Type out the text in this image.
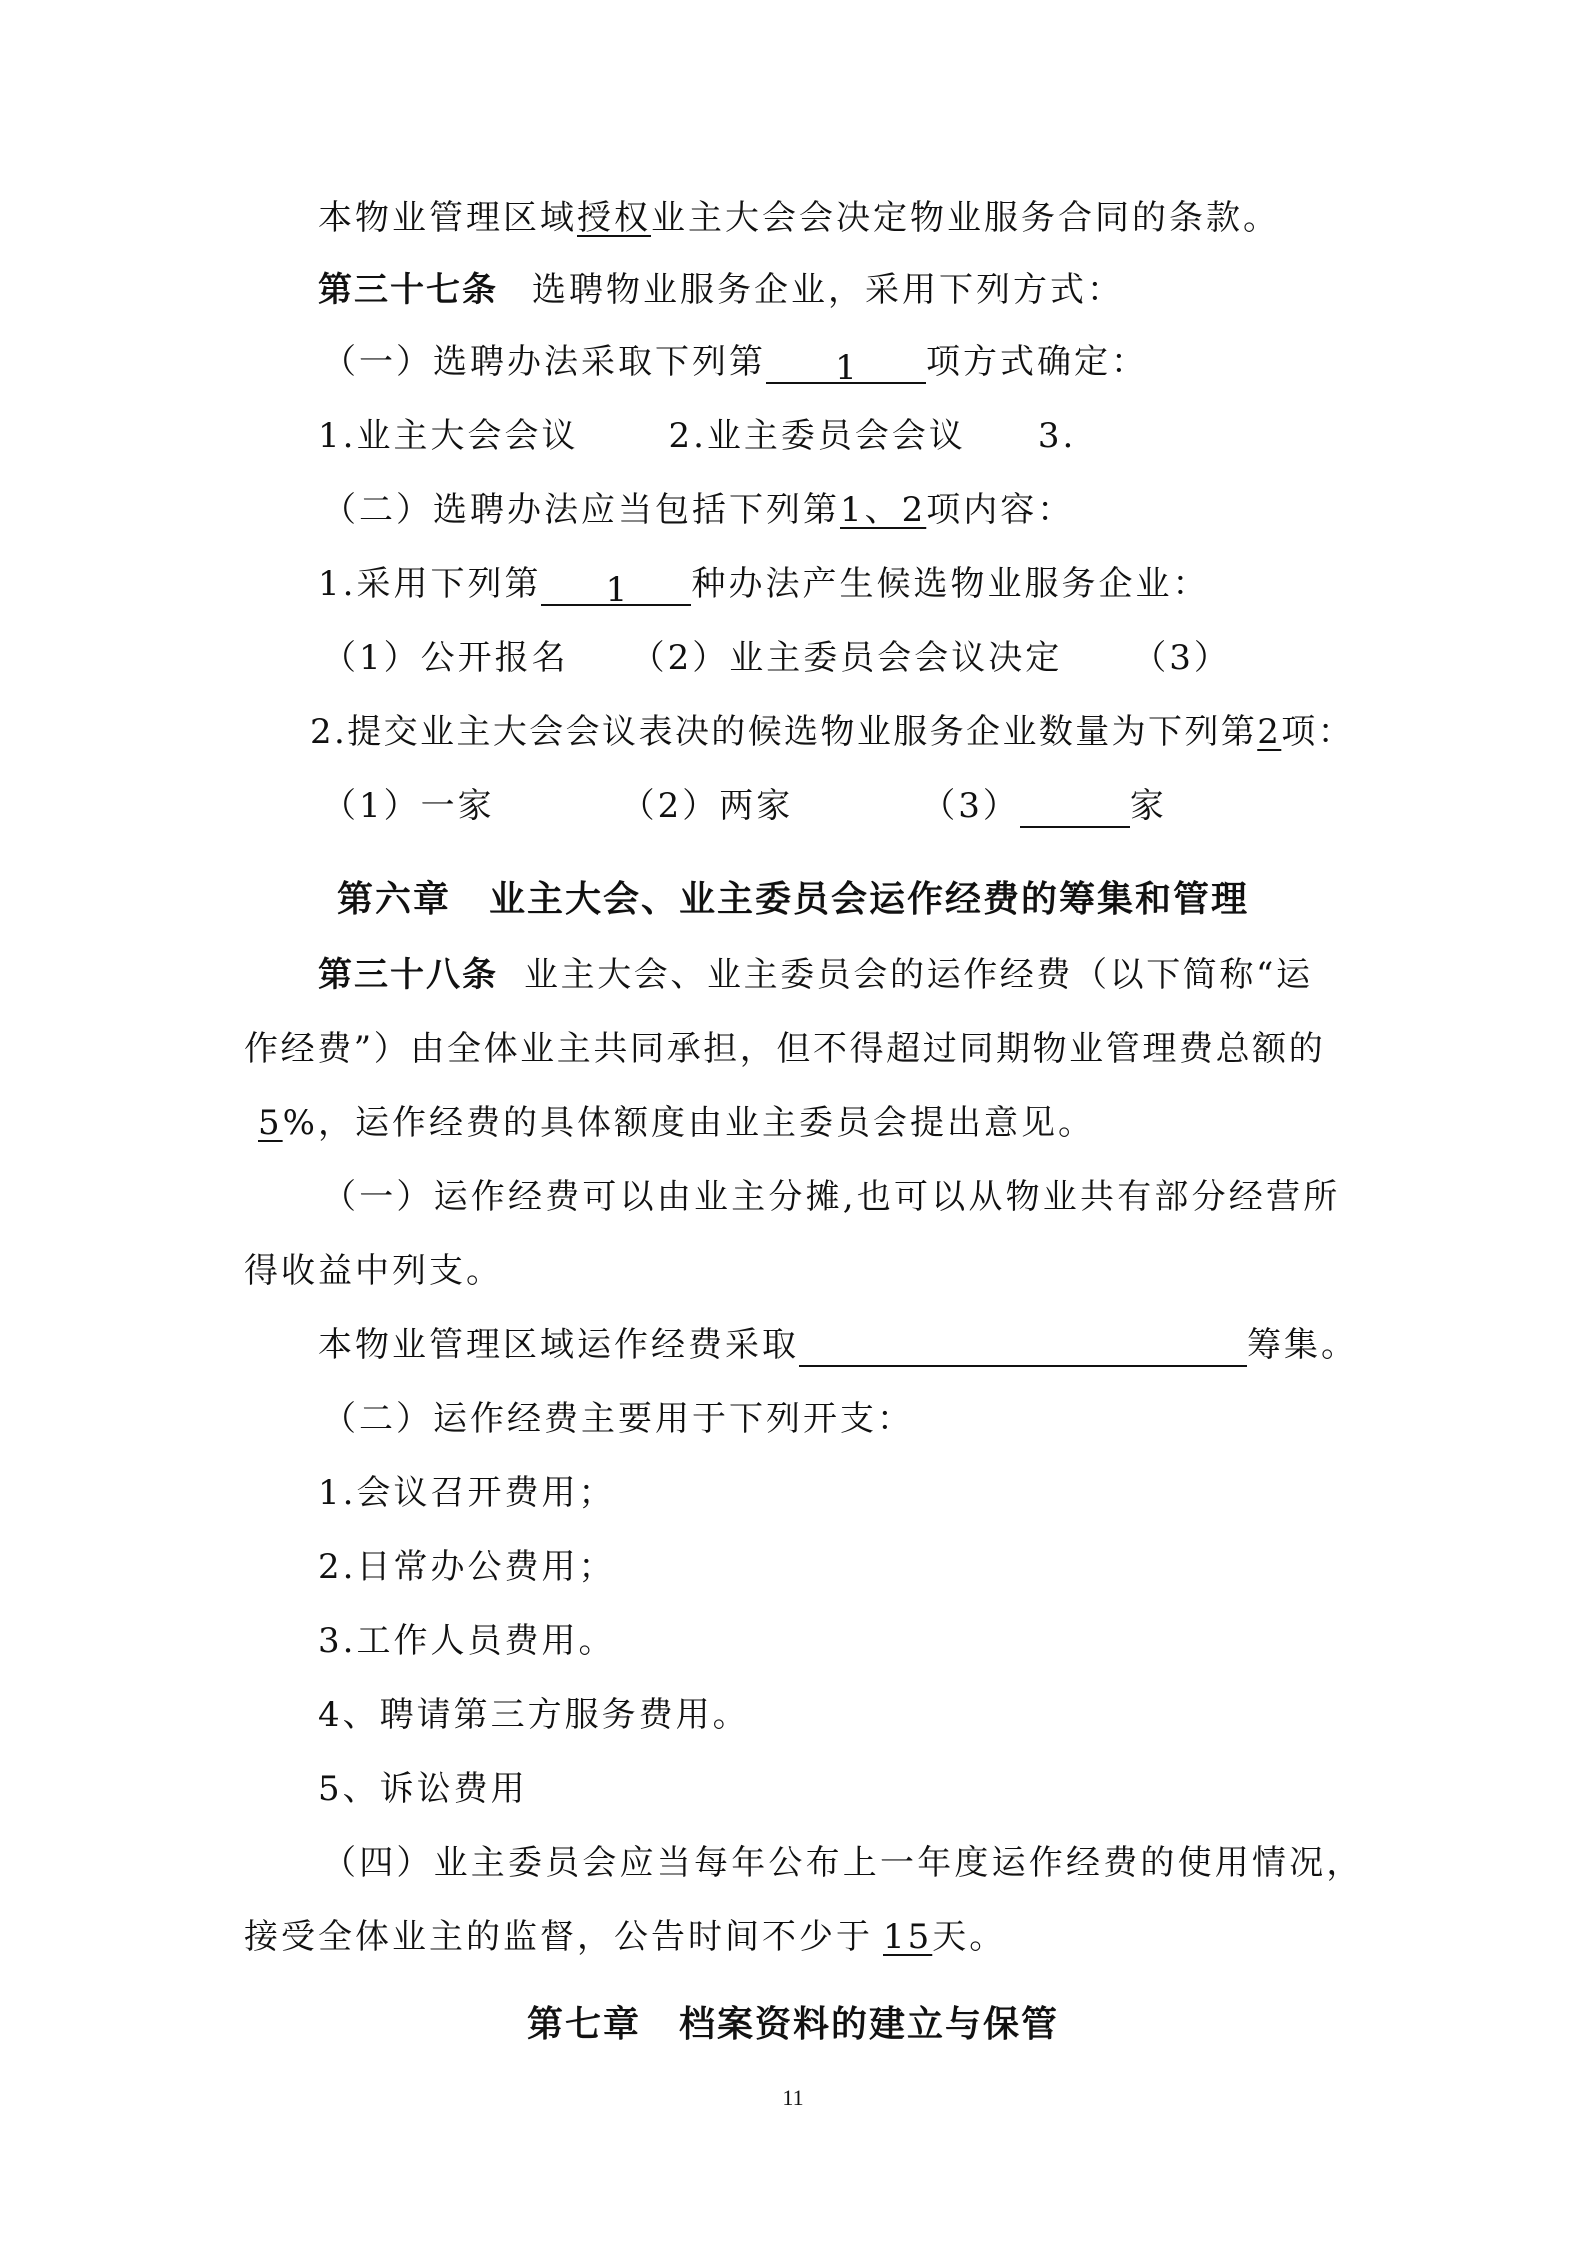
本物业管理区域授权业主大会会决定物业服务合同的条款。
第三十七条 选聘物业服务企业，采用下列方式：
（一）选聘办法采取下列第 1 项方式确定：
1.业主大会会议	2.业主委员会会议 3.
（二）选聘办法应当包括下列第1、2项内容：
1.采用下列第 1 种办法产生候选物业服务企业：
（1）公开报名 （2）业主委员会会议决定 （3）
2.提交业主大会会议表决的候选物业服务企业数量为下列第2项：
（1）一家	（2）两家	（3）	家
第六章　业主大会、业主委员会运作经费的筹集和管理
第三十八条 业主大会、业主委员会的运作经费（以下简称“运
作经费”）由全体业主共同承担，但不得超过同期物业管理费总额的
5%，运作经费的具体额度由业主委员会提出意见。
（一）运作经费可以由业主分摊,也可以从物业共有部分经营所
得收益中列支。
本物业管理区域运作经费采取	筹集。
（二）运作经费主要用于下列开支：
1.会议召开费用；
2.日常办公费用；
3.工作人员费用。
4、聘请第三方服务费用。
5、诉讼费用
（四）业主委员会应当每年公布上一年度运作经费的使用情况，
接受全体业主的监督，公告时间不少于 15天。
第七章　档案资料的建立与保管
11
